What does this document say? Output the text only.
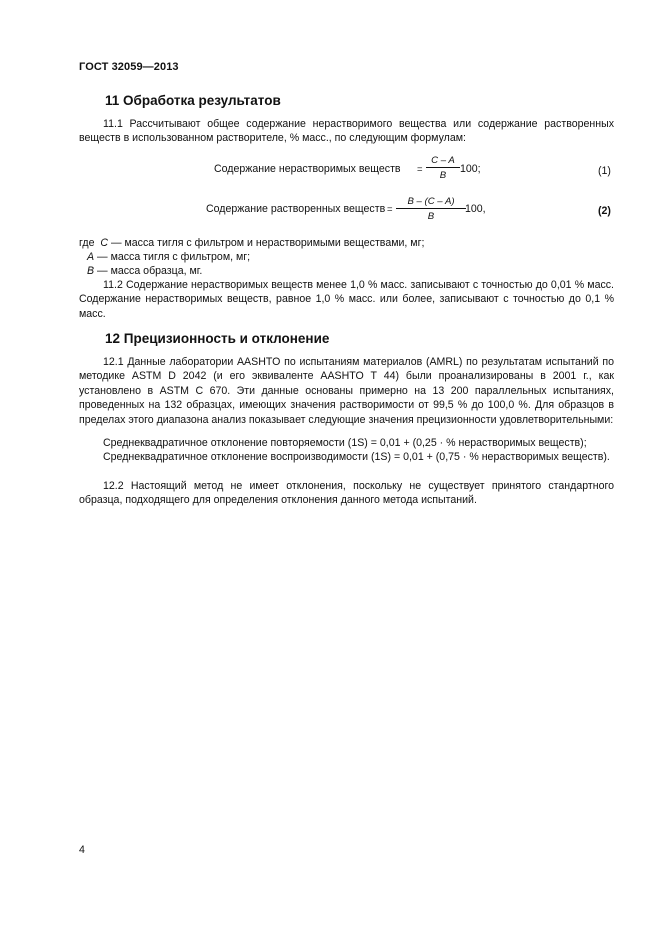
ГОСТ 32059—2013
11 Обработка результатов

11.1 Рассчитывают общее содержание нерастворимого вещества или содержание растворенных веществ в использованном растворителе, % масс., по следующим формулам:

Содержание нерастворимых веществ = $\frac{C - A}{B} 100$;	(1)
Содержание растворенных веществ = $\frac{B - (C - A)}{B} 100$,	(2)
где C — масса тигля с фильтром и нерастворимыми веществами, мг;
A — масса тигля с фильтром, мг;
B — масса образца, мг.

11.2 Содержание нерастворимых веществ менее 1,0 % масс. записывают с точностью до 0,01 % масс. Содержание нерастворимых веществ, равное 1,0 % масс. или более, записывают с точностью до 0,1 % масс.

12 Прецизионность и отклонение

12.1 Данные лаборатории AASHTO по испытаниям материалов (AMRL) по результатам испытаний по методике ASTM D 2042 (и его эквиваленте AASHTO T 44) были проанализированы в 2001 г., как установлено в ASTM C 670. Эти данные основаны примерно на 13 200 параллельных испытаниях, проведенных на 132 образцах, имеющих значения растворимости от 99,5 % до 100,0 %. Для образцов в пределах этого диапазона анализ показывает следующие значения прецизионности удовлетворительными:

Среднеквадратичное отклонение повторяемости (1S) = 0,01 + (0,25 · % нерастворимых веществ);

Среднеквадратичное отклонение воспроизводимости (1S) = 0,01 + (0,75 · % нерастворимых веществ).

12.2 Настоящий метод не имеет отклонения, поскольку не существует принятого стандартного образца, подходящего для определения отклонения данного метода испытаний.

4
